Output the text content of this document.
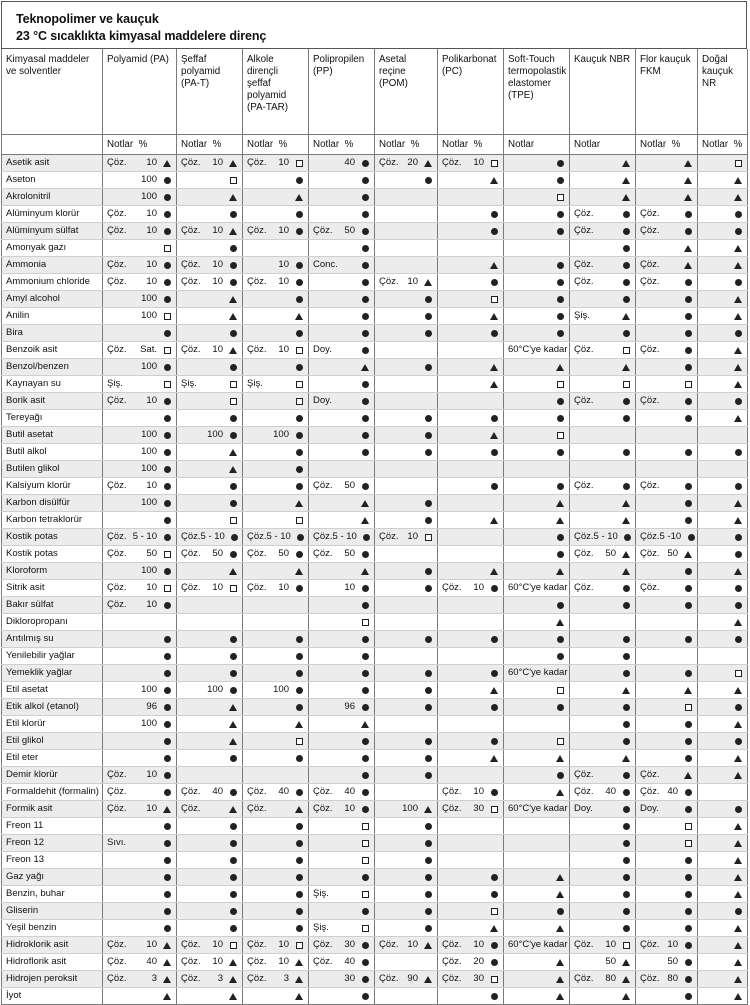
Teknopolimer ve kauçuk
23 °C sıcaklıkta kimyasal maddelere direnç
Kimyasal maddeler ve solventler	Polyamid (PA)	Şeffaf polyamid (PA-T)	Alkole dirençli şeffaf polyamid (PA-TAR)	Polipropilen (PP)	Asetal reçine (POM)	Polikarbonat (PC)	Soft-Touch termopolastik elastomer (TPE)	Kauçuk NBR	Flor kauçuk FKM	Doğal kauçuk NR
	Notlar %	Notlar %	Notlar %	Notlar %	Notlar %	Notlar %	Notlar	Notlar	Notlar %	Notlar %
Asetik asit	Çöz. 10	Çöz. 10	Çöz. 10	40	Çöz. 20	Çöz. 10				

Aseton	100									

Akrolonitril	100									

Alüminyum klorür	Çöz. 10							Çöz.	Çöz.	

Alüminyum sülfat	Çöz. 10	Çöz. 10	Çöz. 10	Çöz. 50				Çöz.	Çöz.	

Amonyak gazı	

Ammonia	Çöz. 10	Çöz. 10	10	Conc.				Çöz.	Çöz.	

Ammonium chloride	Çöz. 10	Çöz. 10	Çöz. 10		Çöz. 10			Çöz.	Çöz.	

Amyl alcohol	100									

Anilin	100							Şiş.		

Bira	

Benzoik asit	Çöz. Sat.	Çöz. 10	Çöz. 10	Doy.			60°C'ye kadar	Çöz.	Çöz.	

Benzol/benzen	100									

Kaynayan su	Şiş.	Şiş.	Şiş.							

Borik asit	Çöz. 10			Doy.				Çöz.	Çöz.	

Tereyağı	

Butil asetat	100	100	100							

Butil alkol	100									

Butilen glikol	100									

Kalsiyum klorür	Çöz. 10			Çöz. 50				Çöz.	Çöz.	

Karbon disülfür	100									

Karbon tetraklorür	

Kostik potas	Çöz. 5 - 10	Çöz. 5 - 10	Çöz. 5 - 10	Çöz. 5 - 10	Çöz. 10			Çöz. 5 - 10	Çöz. 5 -10	

Kostik potas	Çöz. 50	Çöz. 50	Çöz. 50	Çöz. 50				Çöz. 50	Çöz. 50	

Kloroform	100									

Sitrik asit	Çöz. 10	Çöz. 10	Çöz. 10	10		Çöz. 10	60°C'ye kadar	Çöz.	Çöz.	

Bakır sülfat	Çöz. 10									

Dikloropropanı	

Arıtılmış su	

Yenilebilir yağlar	

Yemeklik yağlar							60°C'ye kadar			

Etil asetat	100	100	100							

Etik alkol (etanol)	96			96						

Etil klorür	100									

Etil glikol	

Etil eter	

Demir klorür	Çöz. 10							Çöz.	Çöz.	

Formaldehit (formalin)	Çöz.	Çöz. 40	Çöz. 40	Çöz. 40		Çöz. 10		Çöz. 40	Çöz. 40	

Formik asit	Çöz. 10	Çöz.	Çöz.	Çöz. 10	100	Çöz. 30	60°C'ye kadar	Doy.	Doy.	

Freon 11	

Freon 12	Sıvı.									

Freon 13	

Gaz yağı	

Benzin, buhar				Şiş.						

Gliserin	

Yeşil benzin				Şiş.						

Hidroklorik asit	Çöz. 10	Çöz. 10	Çöz. 10	Çöz. 30	Çöz. 10	Çöz. 10	60°C'ye kadar	Çöz. 10	Çöz. 10	

Hidroflorik asit	Çöz. 40	Çöz. 10	Çöz. 10	Çöz. 40		Çöz. 20		50	50	

Hidrojen peroksit	Çöz. 3	Çöz. 3	Çöz. 3	30	Çöz. 90	Çöz. 30		Çöz. 80	Çöz. 80	

İyot	
